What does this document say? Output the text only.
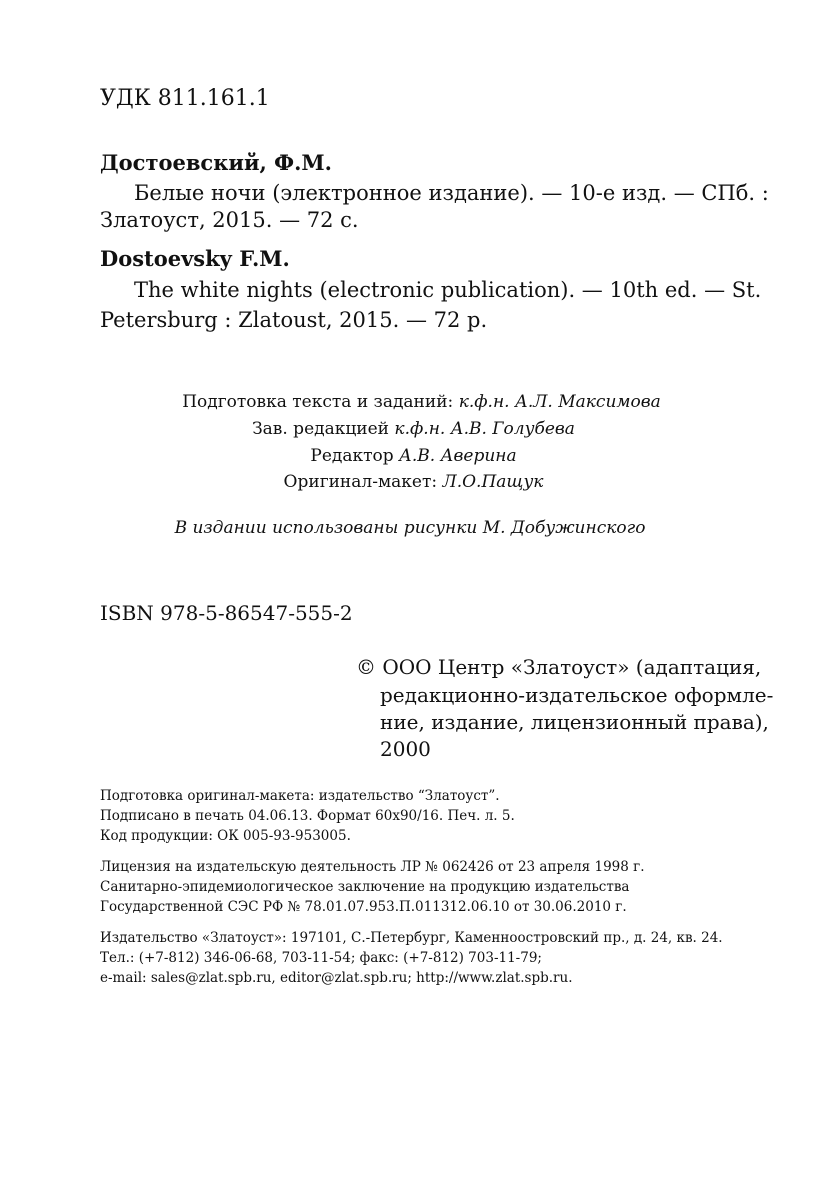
УДК 811.161.1

Достоевский, Ф.М.

Белые ночи (электронное издание). — 10-е изд. — СПб. :

Златоуст, 2015. — 72 с.

Dostoevsky F.M.

The white nights (electronic publication). — 10th ed. — St.

Petersburg : Zlatoust, 2015. — 72 p.

Подготовка текста и заданий: к.ф.н. А.Л. Максимова

Зав. редакцией к.ф.н. А.В. Голубева

Редактор А.В. Аверина

Оригинал-макет: Л.О.Пащук

В издании использованы рисунки М. Добужинского

ISBN 978-5-86547-555-2

© ООО Центр «Златоуст» (адаптация,

редакционно-издательское оформле-

ние, издание, лицензионный права),

2000

Подготовка оригинал-макета: издательство “Златоуст”.

Подписано в печать 04.06.13. Формат 60x90/16. Печ. л. 5.

Код продукции: ОК 005-93-953005.

Лицензия на издательскую деятельность ЛР № 062426 от 23 апреля 1998 г.

Санитарно-эпидемиологическое заключение на продукцию издательства

Государственной СЭС РФ № 78.01.07.953.П.011312.06.10 от 30.06.2010 г.

Издательство «Златоуст»: 197101, С.-Петербург, Каменноостровский пр., д. 24, кв. 24.

Тел.: (+7-812) 346-06-68, 703-11-54; факс: (+7-812) 703-11-79;

e-mail: sales@zlat.spb.ru, editor@zlat.spb.ru; http://www.zlat.spb.ru.
